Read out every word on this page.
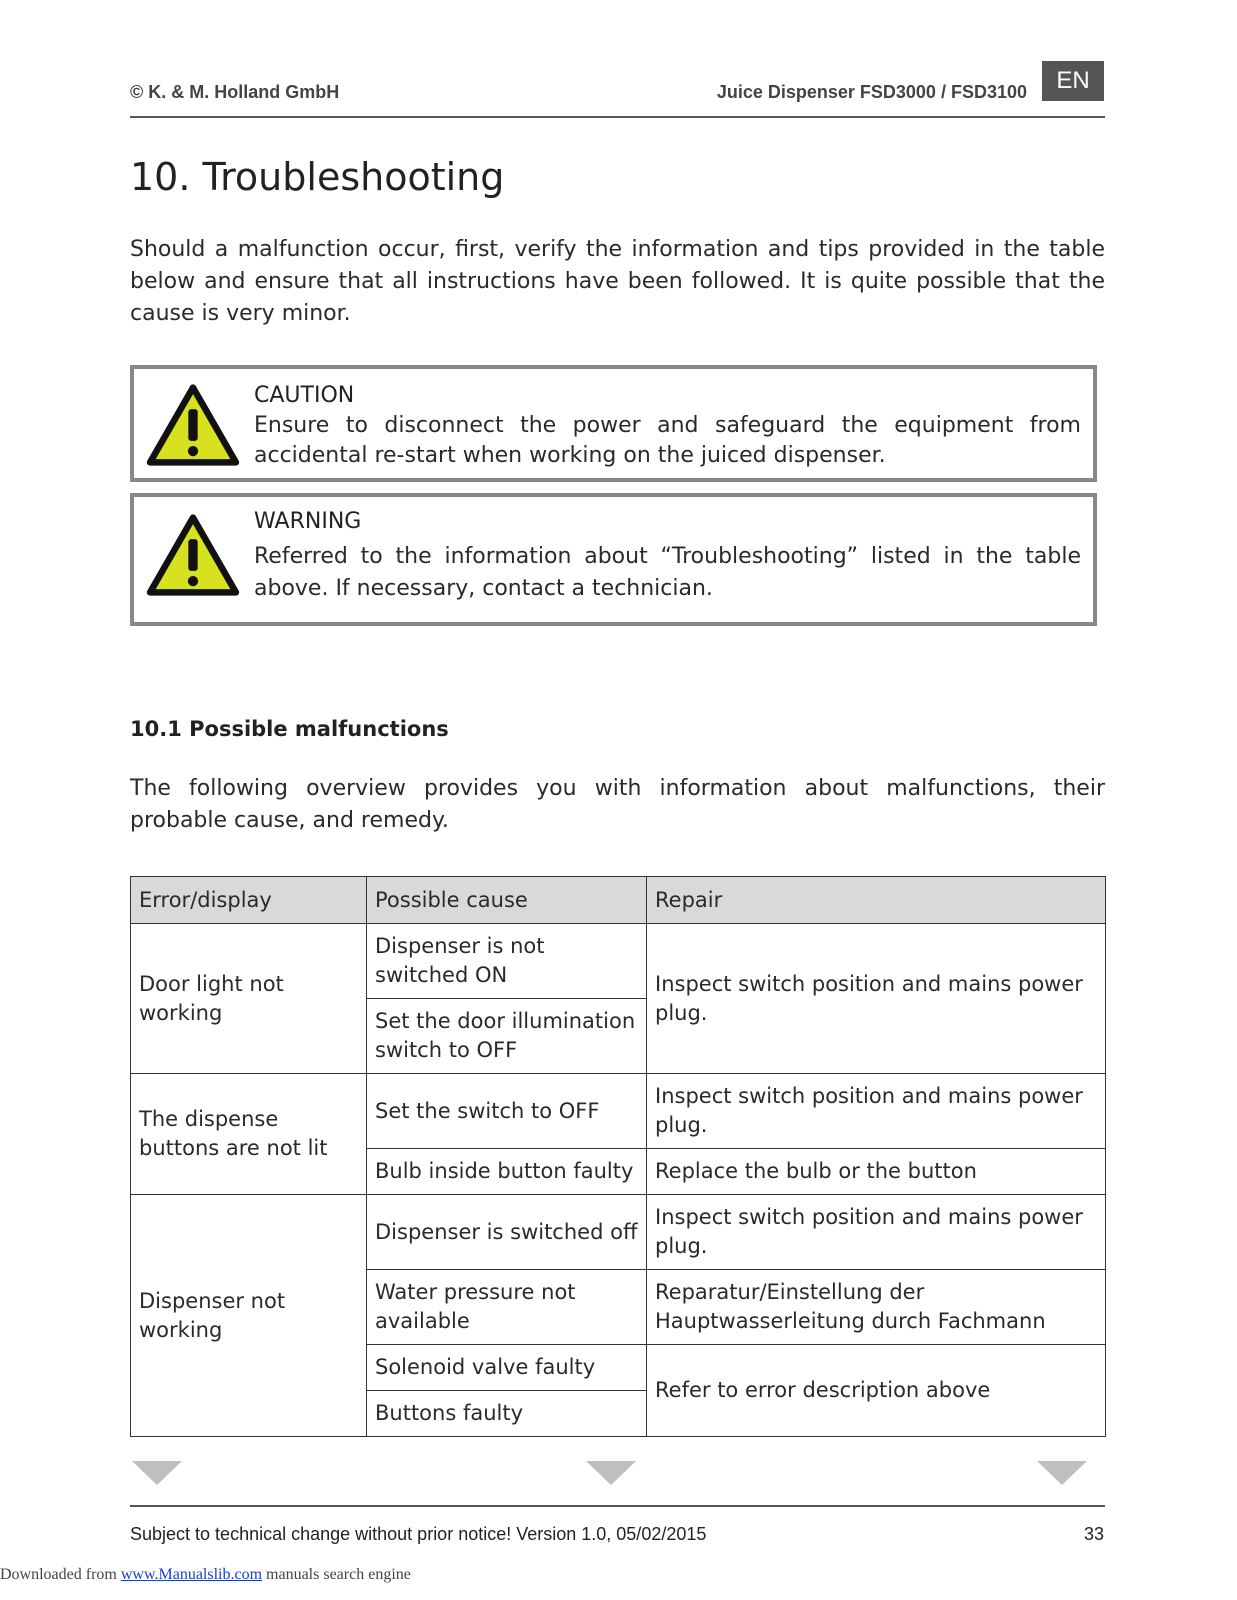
© K. & M. Holland GmbH	Juice Dispenser FSD3000 / FSD3100	EN
10. Troubleshooting
Should a malfunction occur, first, verify the information and tips provided in the table below and ensure that all instructions have been followed. It is quite possible that the cause is very minor.
CAUTION
Ensure to disconnect the power and safeguard the equipment from accidental re-start when working on the juiced dispenser.
WARNING
Referred to the information about “Troubleshooting” listed in the table above. If necessary, contact a technician.
10.1 Possible malfunctions
The following overview provides you with information about malfunctions, their probable cause, and remedy.
Error/display	Possible cause	Repair
Door light not working	Dispenser is not switched ON	Inspect switch position and mains power plug.
	Set the door illumination switch to OFF	
The dispense buttons are not lit	Set the switch to OFF	Inspect switch position and mains power plug.
	Bulb inside button faulty	Replace the bulb or the button
Dispenser not working	Dispenser is switched off	Inspect switch position and mains power plug.
	Water pressure not available	Reparatur/Einstellung der Hauptwasserleitung durch Fachmann
	Solenoid valve faulty	Refer to error description above
	Buttons faulty	
Subject to technical change without prior notice! Version 1.0, 05/02/2015	33
Downloaded from www.Manualslib.com manuals search engine
